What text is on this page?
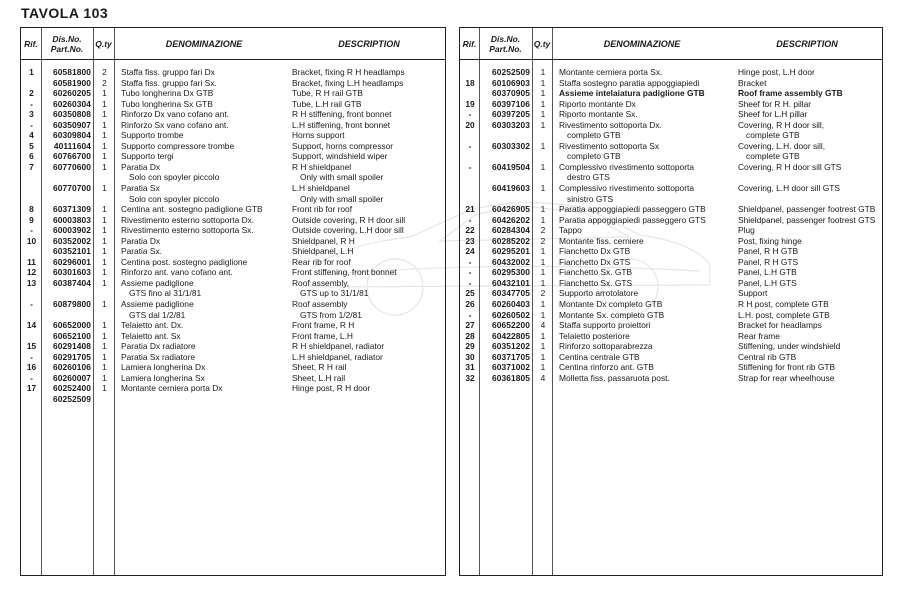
TAVOLA 103
Rif.	Dis.No.
Part.No. Q.ty	DENOMINAZIONE	DESCRIPTION
1	60581800	2	Staffa fiss. gruppo fari Dx	Bracket, fixing R H headlamps
60581900	2	Staffa fiss. gruppo fari Sx.	Bracket, fixing L.H headlamps
2	60260205	1	Tubo longherina Dx GTB	Tube, R H rail GTB
-	60260304	1	Tubo longherina Sx GTB	Tube, L.H rail GTB
3	60350808	1	Rinforzo Dx vano cofano ant.	R H stiffening, front bonnet
-	60350907	1	Rinforzo Sx vano cofano ant.	L.H stiffening, front bonnet
4	60309804	1	Supporto trombe	Horns support
5	40111604	1	Supporto compressore trombe	Support, horns compressor
6	60766700	1	Supporto tergi	Support, windshield wiper
7	60770600	1	Paratia Dx	R H shieldpanel
Solo con spoyler piccolo	Only with small spoiler
60770700	1	Paratia Sx	L.H shieldpanel
Solo con spoyler piccolo	Only with small spoiler
8	60371309	1	Centina ant. sostegno padiglione GTB	Front rib for roof
9	60003803	1	Rivestimento esterno sottoporta Dx.	Outside covering, R H door sill
-	60003902	1	Rivestimento esterno sottoporta Sx.	Outside covering, L.H door sill
10	60352002	1	Paratia Dx	Shieldpanel, R H
60352101	1	Paratia Sx.	Shieldpanel, L.H
11	60296001	1	Centina post. sostegno padiglione	Rear rib for roof
12	60301603	1	Rinforzo ant. vano cofano ant.	Front stiffening, front bonnet
13	60387404	1	Assieme padiglione	Roof assembly,
GTS fino al 31/1/81	GTS up to 31/1/81
-	60879800	1	Assieme padiglione	Roof assembly
GTS dal 1/2/81	GTS from 1/2/81
14	60652000	1	Telaietto ant. Dx.	Front frame, R H
60652100	1	Telaietto ant. Sx	Front frame, L.H
15	60291408	1	Paratia Dx radiatore	R H shieldpanel, radiator
-	60291705	1	Paratia Sx radiatore	L.H shieldpanel, radiator
16	60260106	1	Lamiera longherina Dx	Sheet, R H rail
-	60260007	1	Lamiera longherina Sx	Sheet, L.H rail
17	60252400	1	Montante cerniera porta Dx	Hinge post, R H door
60252509
Rif.	Dis.No.
Part.No. Q.ty	DENOMINAZIONE	DESCRIPTION
60252509	1	Montante cerniera porta Sx.	Hinge post, L.H door
18	60106903	1	Staffa sostegno paratia appoggiapiedi	Bracket
60370905	1	Assieme intelaiatura padiglione GTB	Roof frame assembly GTB
19	60397106	1	Riporto montante Dx	Sheef for R H. pillar
-	60397205	1	Riporto montante Sx.	Sheef for L.H pillar
20	60303203	1	Rivestimento sottoporta Dx.	Covering, R H door sill,
completo GTB	complete GTB
-	60303302	1	Rivestimento sottoporta Sx	Covering, L.H. door sill,
completo GTB	complete GTB
-	60419504	1	Complessivo rivestimento sottoporta	Covering, R H door sill GTS
destro GTS
60419603	1	Complessivo rivestimento sottoporta	Covering, L.H door sill GTS
sinistro GTS
21	60426905	1	Paratia appoggiapiedi passeggero GTB	Shieldpanel, passenger footrest GTB
-	60426202	1	Paratia appoggiapiedi passeggero GTS	Shieldpanel, passenger footrest GTS
22	60284304	2	Tappo	Plug
23	60285202	2	Montante fiss. cerniere	Post, fixing hinge
24	60295201	1	Fianchetto Dx GTB	Panel, R H GTB
-	60432002	1	Fianchetto Dx GTS	Panel, R H GTS
-	60295300	1	Fianchetto Sx. GTB	Panel, L.H GTB
-	60432101	1	Fianchetto Sx. GTS	Panel, L.H GTS
25	60347705	2	Supporto arrotolatore	Support
26	60260403	1	Montante Dx completo GTB	R H post, complete GTB
-	60260502	1	Montante Sx. completo GTB	L.H. post, complete GTB
27	60652200	4	Staffa supporto proiettori	Bracket for headlamps
28	60422805	1	Telaietto posteriore	Rear frame
29	60351202	1	Rinforzo sottoparabrezza	Stiffening, under windshield
30	60371705	1	Centina centrale GTB	Central rib GTB
31	60371002	1	Centina rinforzo ant. GTB	Stiffening for front rib GTB
32	60361805	4	Molletta fiss. passaruota post.	Strap for rear wheelhouse
